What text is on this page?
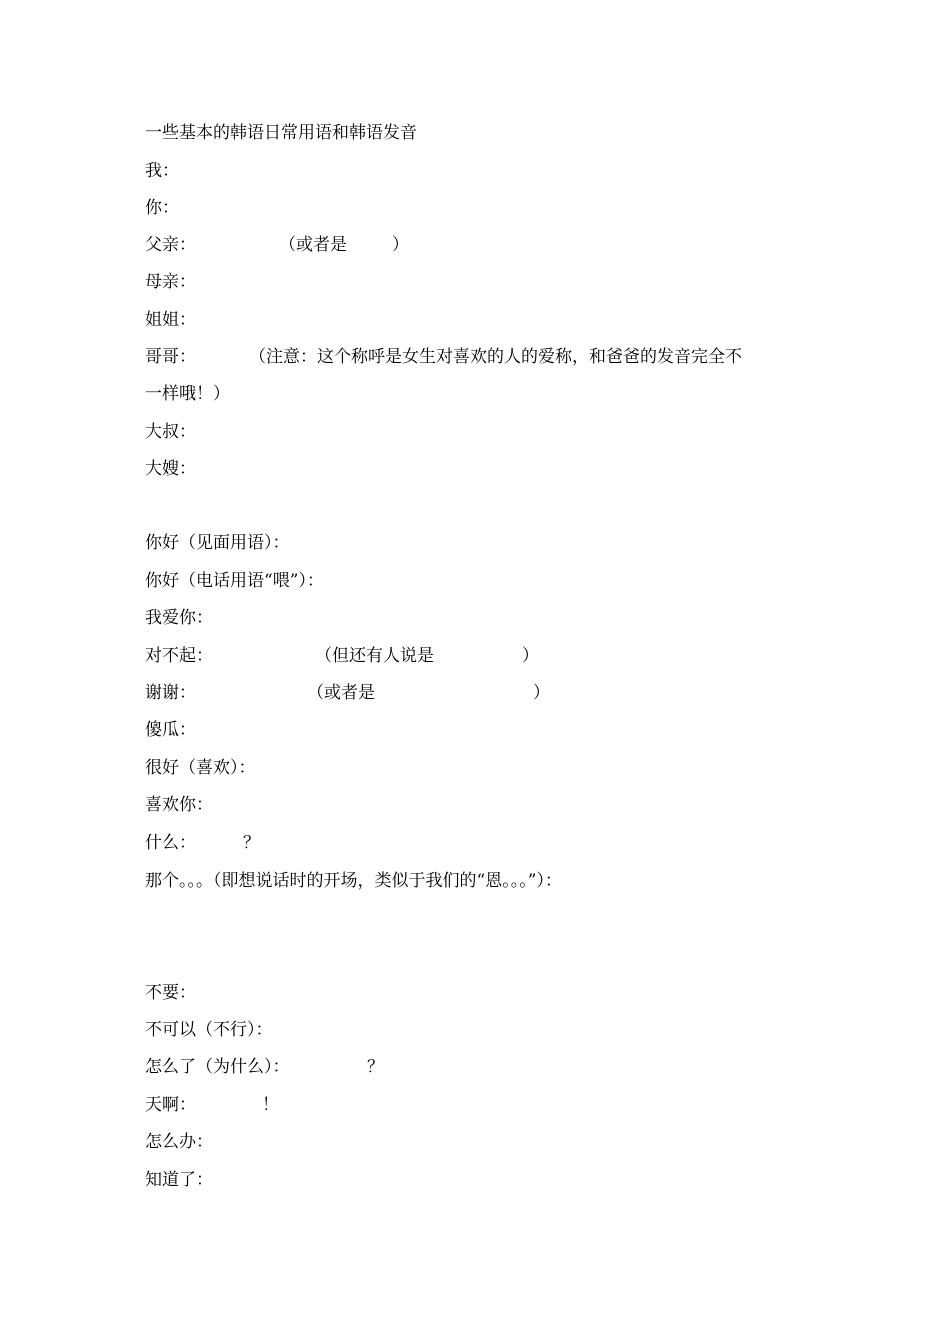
一些基本的韩语日常用语和韩语发音
我：
你：

父亲：

	（或者是

	）

母亲：
姐姐：

哥哥：

	（注意：这个称呼是女生对喜欢的人的爱称，和爸爸的发音完全不

一样哦！）
大叔：
大嫂：
你好（见面用语）：
你好（电话用语“喂”）：
我爱你：

对不起：

	（但还有人说是

	）

谢谢：

	（或者是

	）

傻瓜：
很好（喜欢）：
喜欢你：

什么：

	？

那个。。。（即想说话时的开场，类似于我们的“恩。。。”）：
不要：
不可以（不行）：

怎么了（为什么）：

	？

天啊：

	！

怎么办：
知道了：
